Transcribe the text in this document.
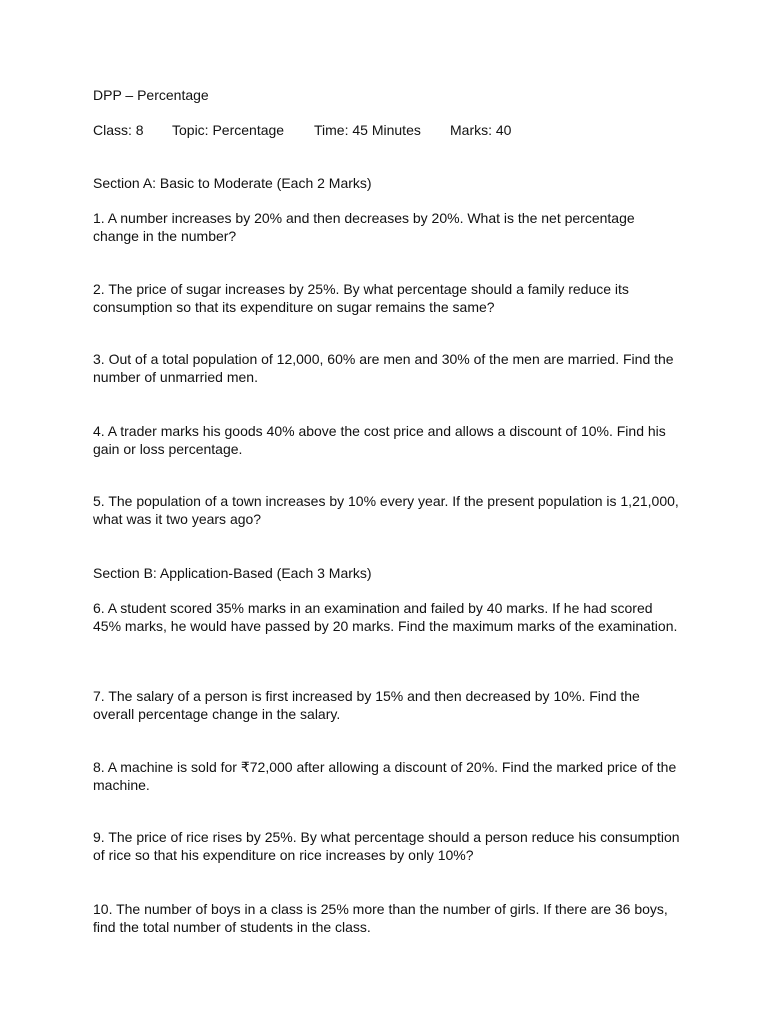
DPP – Percentage

Class: 8 Topic: Percentage Time: 45 Minutes Marks: 40

Section A: Basic to Moderate (Each 2 Marks)

1. A number increases by 20% and then decreases by 20%. What is the net percentage change in the number?

2. The price of sugar increases by 25%. By what percentage should a family reduce its consumption so that its expenditure on sugar remains the same?

3. Out of a total population of 12,000, 60% are men and 30% of the men are married. Find the number of unmarried men.

4. A trader marks his goods 40% above the cost price and allows a discount of 10%. Find his gain or loss percentage.

5. The population of a town increases by 10% every year. If the present population is 1,21,000, what was it two years ago?

Section B: Application-Based (Each 3 Marks)

6. A student scored 35% marks in an examination and failed by 40 marks. If he had scored 45% marks, he would have passed by 20 marks. Find the maximum marks of the examination.

7. The salary of a person is first increased by 15% and then decreased by 10%. Find the overall percentage change in the salary.

8. A machine is sold for ₹72,000 after allowing a discount of 20%. Find the marked price of the machine.

9. The price of rice rises by 25%. By what percentage should a person reduce his consumption of rice so that his expenditure on rice increases by only 10%?

10. The number of boys in a class is 25% more than the number of girls. If there are 36 boys, find the total number of students in the class.
